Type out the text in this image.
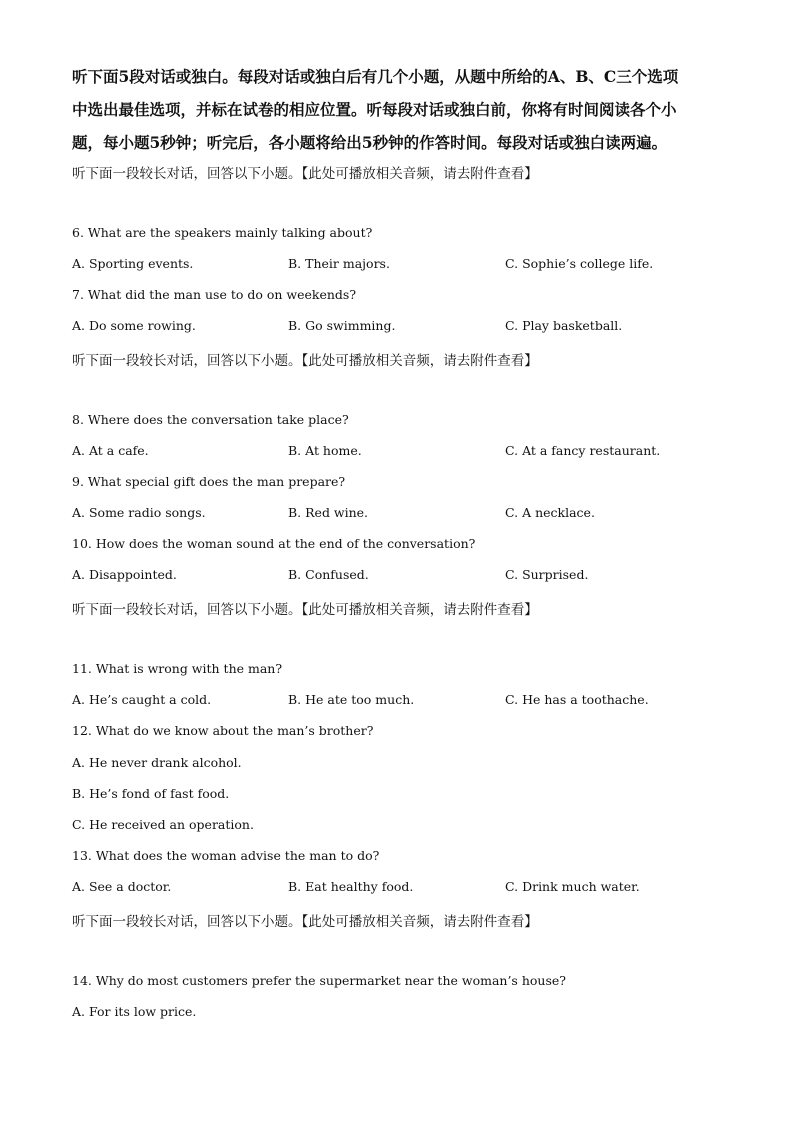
听下面5段对话或独白。每段对话或独白后有几个小题，从题中所给的A、B、C三个选项
中选出最佳选项，并标在试卷的相应位置。听每段对话或独白前，你将有时间阅读各个小
题，每小题5秒钟；听完后，各小题将给出5秒钟的作答时间。每段对话或独白读两遍。
听下面一段较长对话，回答以下小题。【此处可播放相关音频，请去附件查看】
6. What are the speakers mainly talking about?
A. Sporting events.	B. Their majors.	C. Sophie’s college life.
7. What did the man use to do on weekends?
A. Do some rowing.	B. Go swimming.	C. Play basketball.
听下面一段较长对话，回答以下小题。【此处可播放相关音频，请去附件查看】
8. Where does the conversation take place?
A. At a cafe.	B. At home.	C. At a fancy restaurant.
9. What special gift does the man prepare?
A. Some radio songs.	B. Red wine.	C. A necklace.
10. How does the woman sound at the end of the conversation?
A. Disappointed.	B. Confused.	C. Surprised.
听下面一段较长对话，回答以下小题。【此处可播放相关音频，请去附件查看】
11. What is wrong with the man?
A. He’s caught a cold.	B. He ate too much.	C. He has a toothache.
12. What do we know about the man’s brother?
A. He never drank alcohol.
B. He’s fond of fast food.
C. He received an operation.
13. What does the woman advise the man to do?
A. See a doctor.	B. Eat healthy food.	C. Drink much water.
听下面一段较长对话，回答以下小题。【此处可播放相关音频，请去附件查看】
14. Why do most customers prefer the supermarket near the woman’s house?
A. For its low price.
